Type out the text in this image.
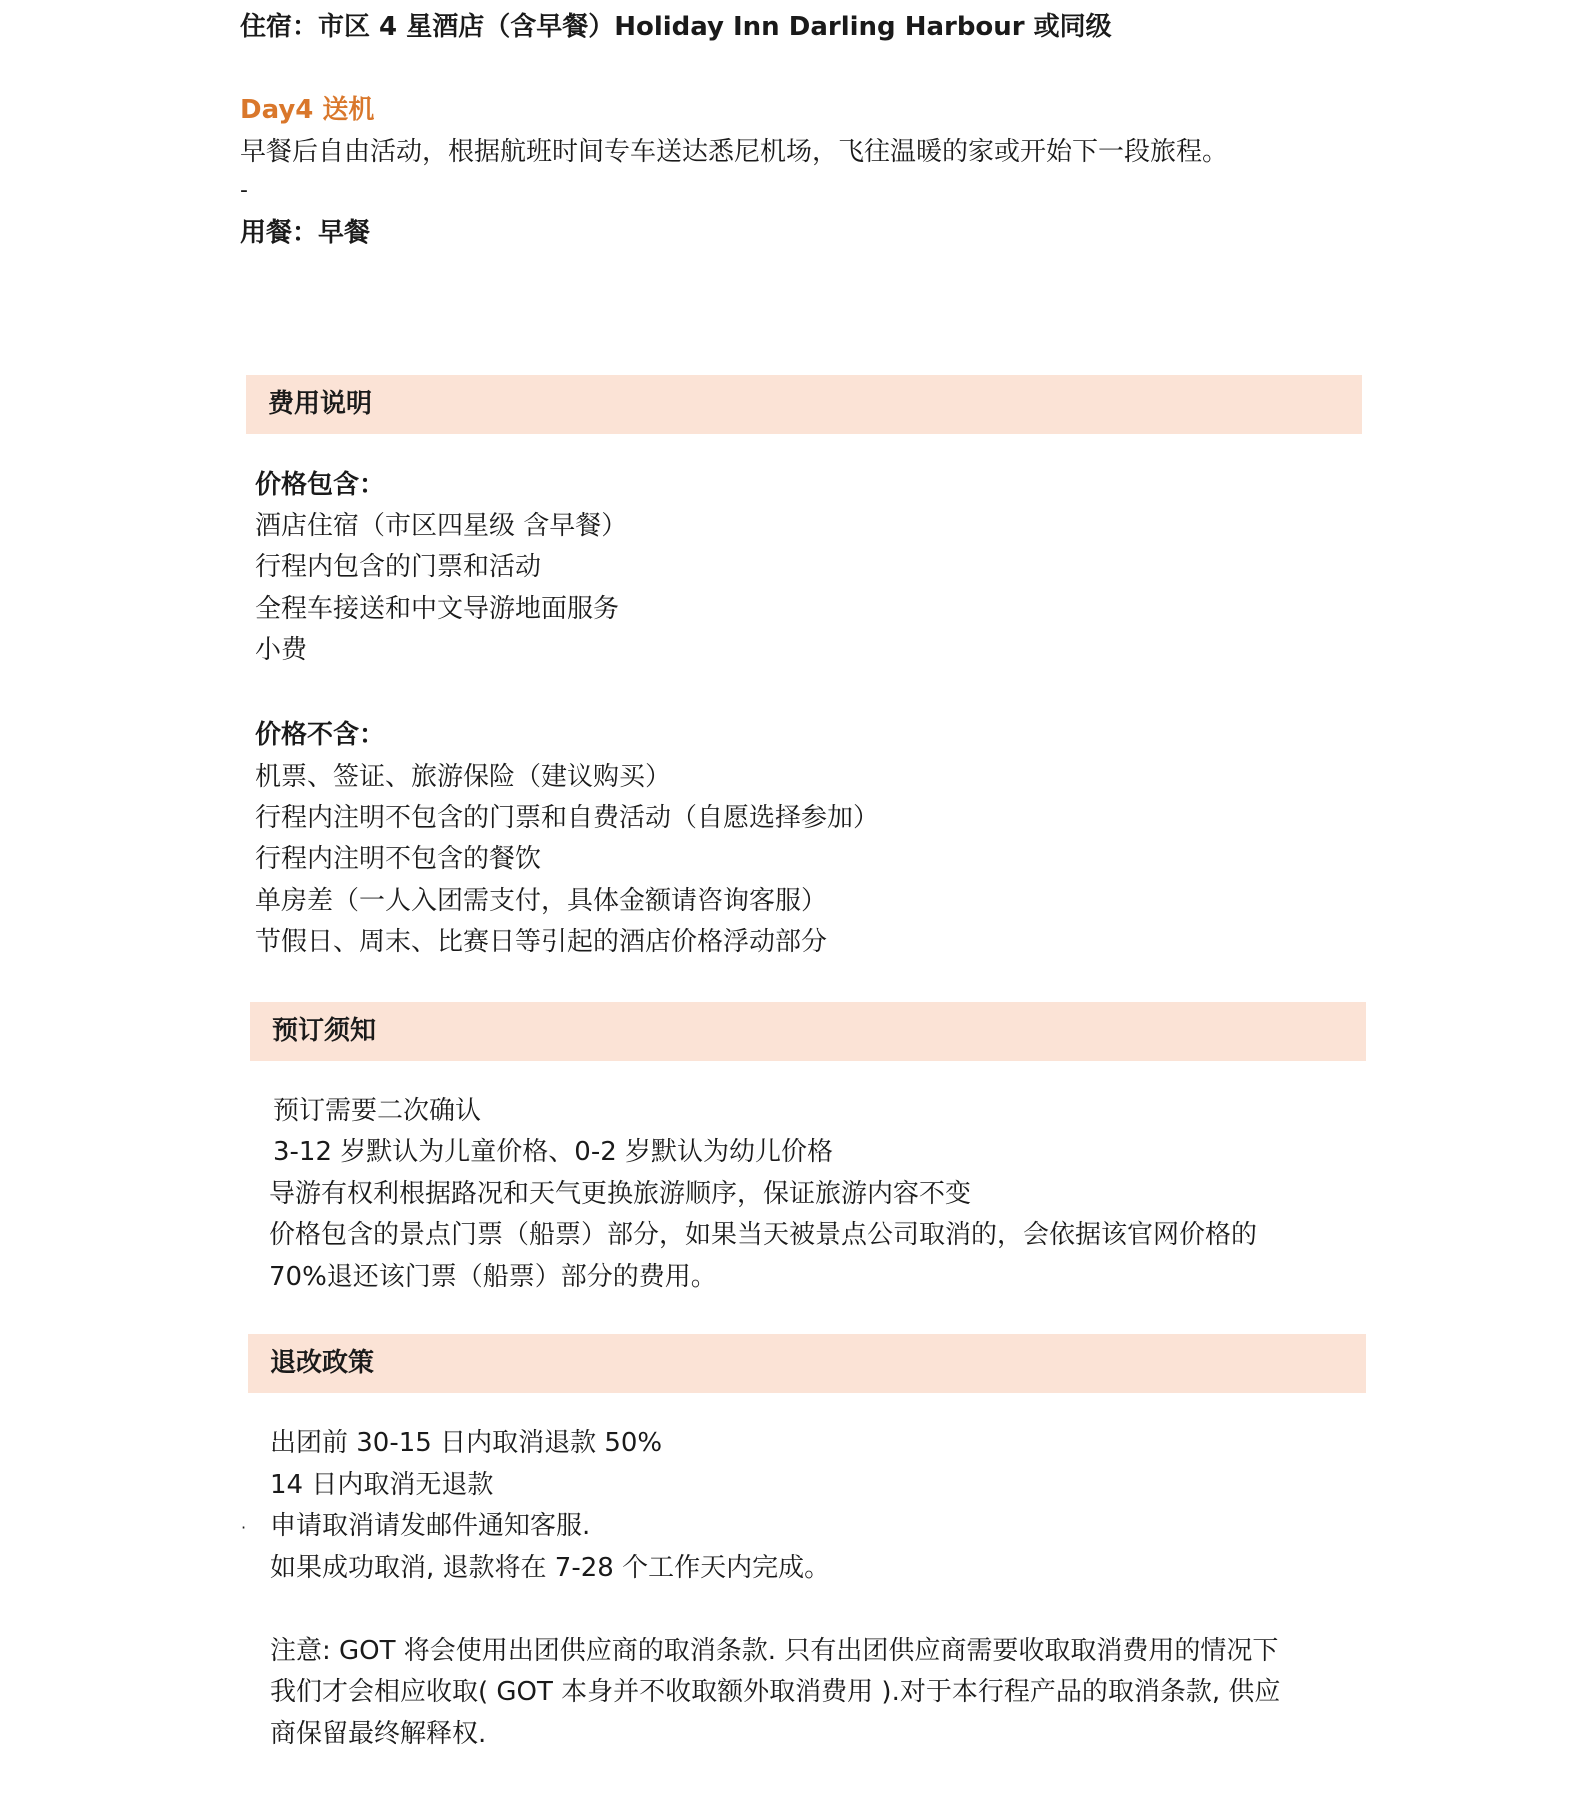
住宿：市区 4 星酒店（含早餐）Holiday Inn Darling Harbour 或同级
Day4 送机
早餐后自由活动，根据航班时间专车送达悉尼机场，飞往温暖的家或开始下一段旅程。
-
用餐：早餐
费用说明
价格包含：
酒店住宿（市区四星级 含早餐）
行程内包含的门票和活动
全程车接送和中文导游地面服务
小费
价格不含：
机票、签证、旅游保险（建议购买）
行程内注明不包含的门票和自费活动（自愿选择参加）
行程内注明不包含的餐饮
单房差（一人入团需支付，具体金额请咨询客服）
节假日、周末、比赛日等引起的酒店价格浮动部分
预订须知
预订需要二次确认
3-12 岁默认为儿童价格、0-2 岁默认为幼儿价格
导游有权利根据路况和天气更换旅游顺序，保证旅游内容不变
价格包含的景点门票（船票）部分，如果当天被景点公司取消的，会依据该官网价格的
70%退还该门票（船票）部分的费用。
退改政策
出团前 30-15 日内取消退款 50%
14 日内取消无退款
· 申请取消请发邮件通知客服.
如果成功取消, 退款将在 7-28 个工作天内完成。
注意: GOT 将会使用出团供应商的取消条款. 只有出团供应商需要收取取消费用的情况下
我们才会相应收取( GOT 本身并不收取额外取消费用 ).对于本行程产品的取消条款, 供应
商保留最终解释权.
